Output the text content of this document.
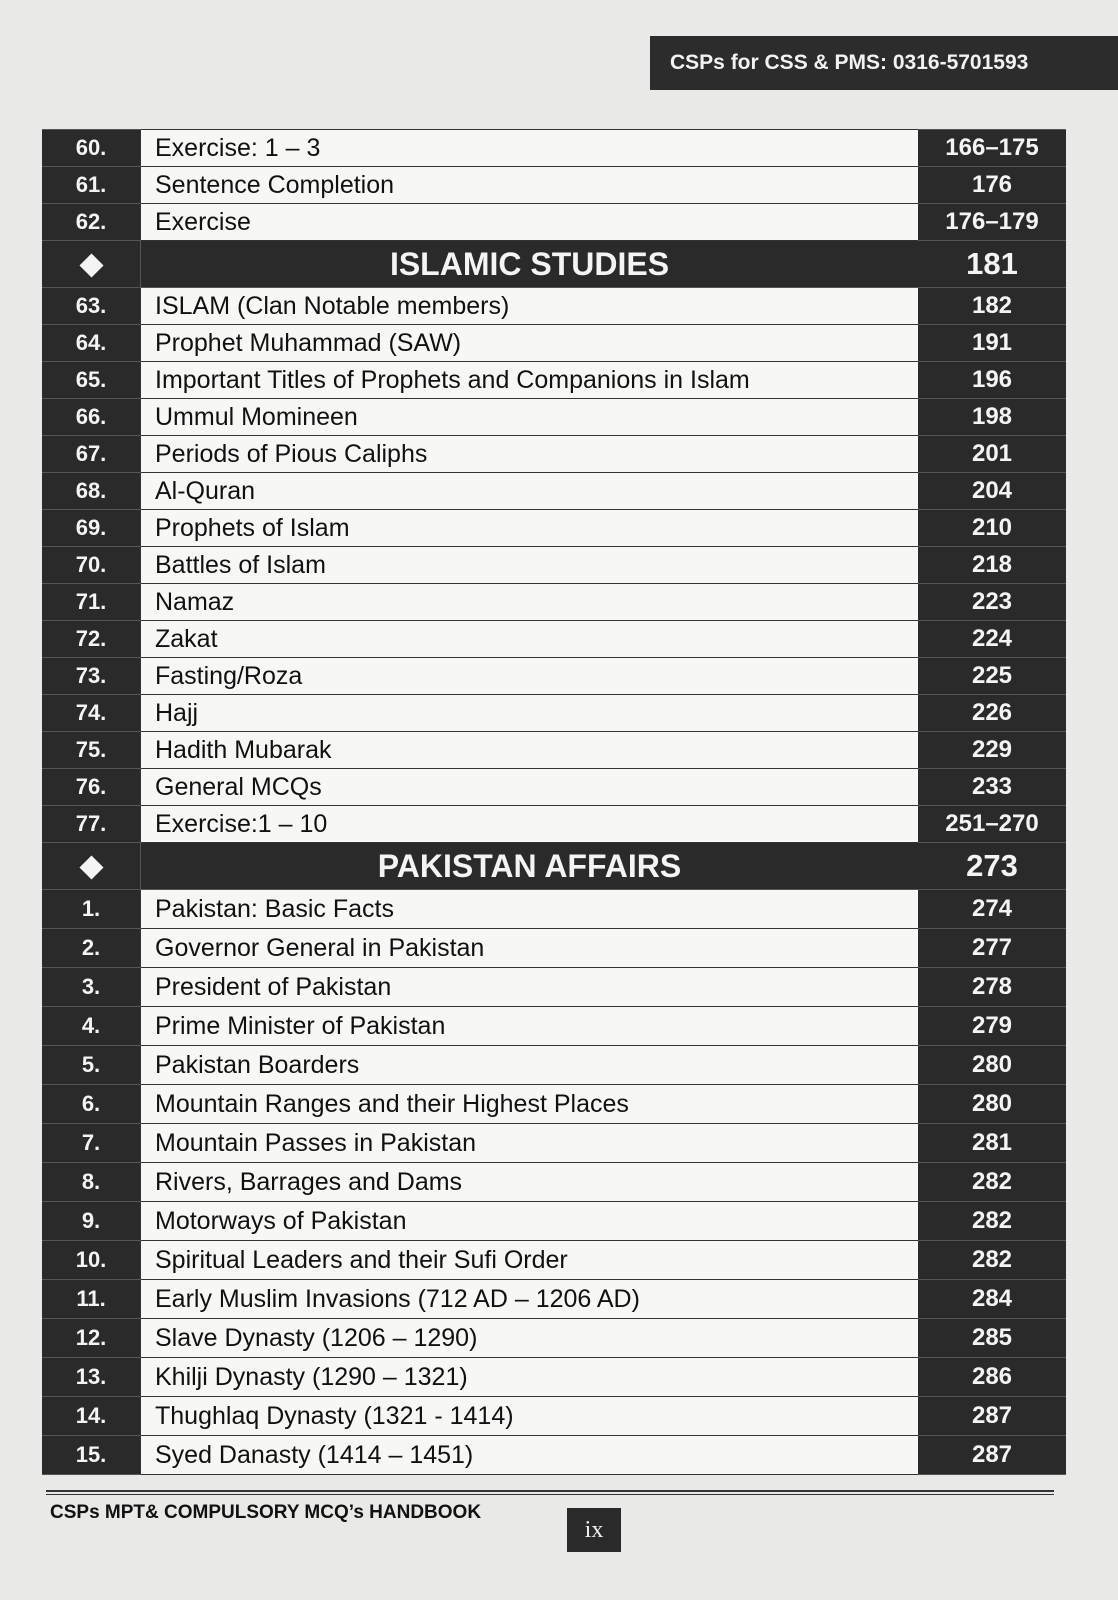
CSPs for CSS & PMS: 0316-5701593
60.	Exercise: 1 – 3	166–175
61.	Sentence Completion	176
62.	Exercise	176–179
	ISLAMIC STUDIES	181
63.	ISLAM (Clan Notable members)	182
64.	Prophet Muhammad (SAW)	191
65.	Important Titles of Prophets and Companions in Islam	196
66.	Ummul Momineen	198
67.	Periods of Pious Caliphs	201
68.	Al-Quran	204
69.	Prophets of Islam	210
70.	Battles of Islam	218
71.	Namaz	223
72.	Zakat	224
73.	Fasting/Roza	225
74.	Hajj	226
75.	Hadith Mubarak	229
76.	General MCQs	233
77.	Exercise:1 – 10	251–270
	PAKISTAN AFFAIRS	273
1.	Pakistan: Basic Facts	274
2.	Governor General in Pakistan	277
3.	President of Pakistan	278
4.	Prime Minister of Pakistan	279
5.	Pakistan Boarders	280
6.	Mountain Ranges and their Highest Places	280
7.	Mountain Passes in Pakistan	281
8.	Rivers, Barrages and Dams	282
9.	Motorways of Pakistan	282
10.	Spiritual Leaders and their Sufi Order	282
11.	Early Muslim Invasions (712 AD – 1206 AD)	284
12.	Slave Dynasty (1206 – 1290)	285
13.	Khilji Dynasty (1290 – 1321)	286
14.	Thughlaq Dynasty (1321 - 1414)	287
15.	Syed Danasty (1414 – 1451)	287
CSPs MPT& COMPULSORY MCQ’s HANDBOOK
ix
